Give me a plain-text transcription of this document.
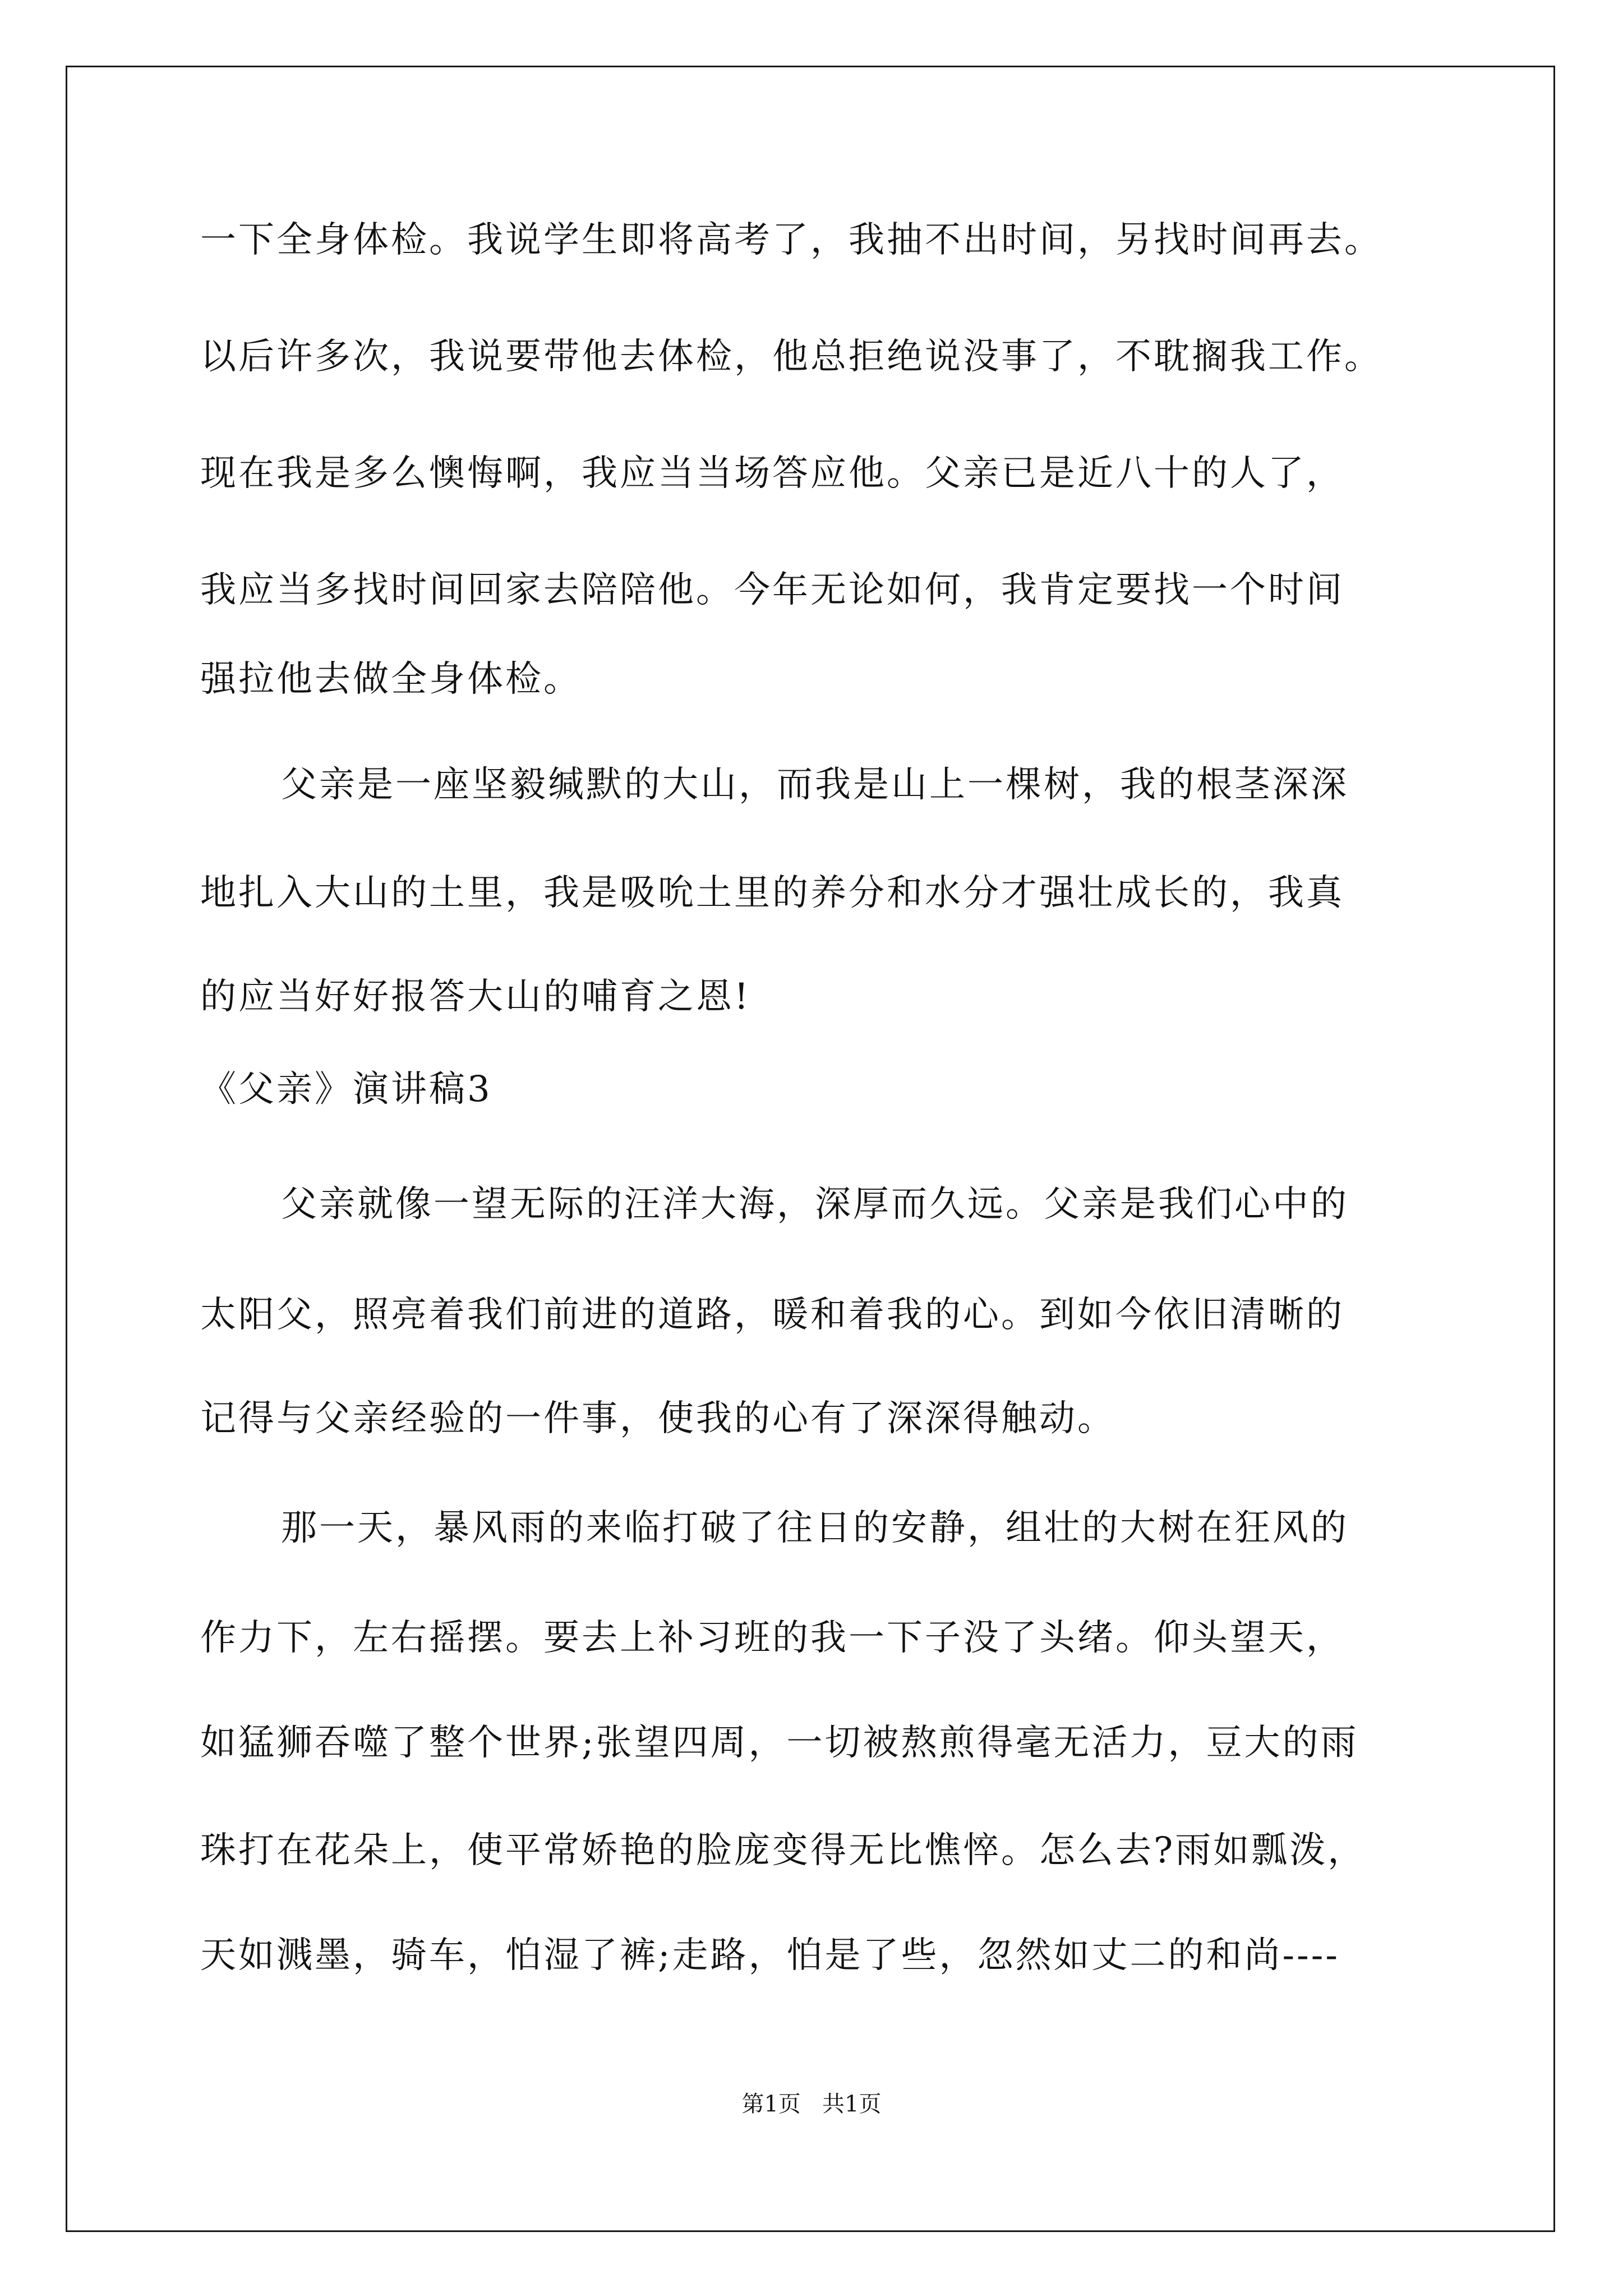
一下全身体检。我说学生即将高考了，我抽不出时间，另找时间再去。
以后许多次，我说要带他去体检，他总拒绝说没事了，不耽搁我工作。
现在我是多么懊悔啊，我应当当场答应他。父亲已是近八十的人了，
我应当多找时间回家去陪陪他。今年无论如何，我肯定要找一个时间
强拉他去做全身体检。
父亲是一座坚毅缄默的大山，而我是山上一棵树，我的根茎深深
地扎入大山的土里，我是吸吮土里的养分和水分才强壮成长的，我真
的应当好好报答大山的哺育之恩!
《父亲》演讲稿3
父亲就像一望无际的汪洋大海，深厚而久远。父亲是我们心中的
太阳父，照亮着我们前进的道路，暖和着我的心。到如今依旧清晰的
记得与父亲经验的一件事，使我的心有了深深得触动。
那一天，暴风雨的来临打破了往日的安静，组壮的大树在狂风的
作力下，左右摇摆。要去上补习班的我一下子没了头绪。仰头望天，
如猛狮吞噬了整个世界;张望四周，一切被熬煎得毫无活力，豆大的雨
珠打在花朵上，使平常娇艳的脸庞变得无比憔悴。怎么去?雨如瓢泼，
天如溅墨，骑车，怕湿了裤;走路，怕是了些，忽然如丈二的和尚----
第1页   共1页
